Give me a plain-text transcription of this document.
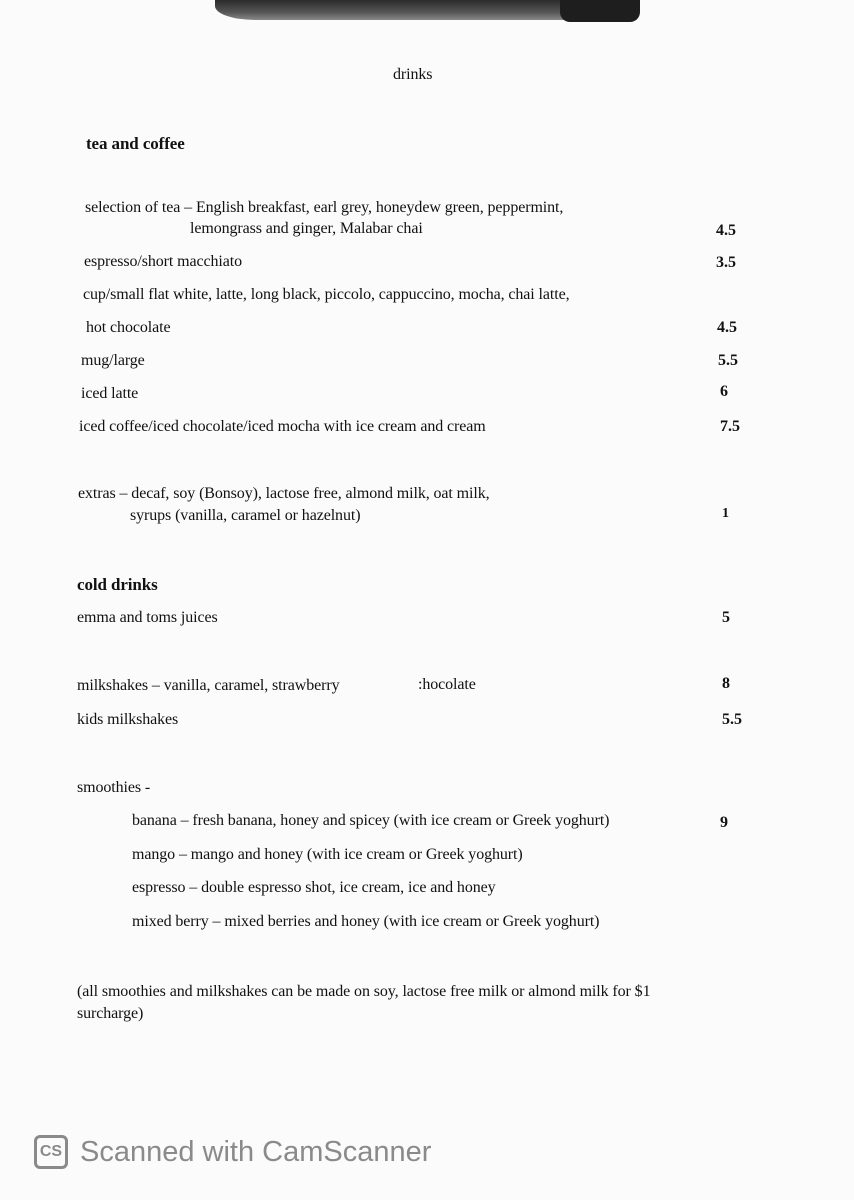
drinks
tea and coffee
selection of tea – English breakfast, earl grey, honeydew green, peppermint,
lemongrass and ginger, Malabar chai	4.5
espresso/short macchiato	3.5
cup/small flat white, latte, long black, piccolo, cappuccino, mocha, chai latte,
hot chocolate	4.5
mug/large	5.5
iced latte	6
iced coffee/iced chocolate/iced mocha with ice cream and cream	7.5
extras – decaf, soy (Bonsoy), lactose free, almond milk, oat milk,
syrups (vanilla, caramel or hazelnut)	1
cold drinks
emma and toms juices	5
milkshakes – vanilla, caramel, strawberry	:hocolate	8
kids milkshakes	5.5
smoothies -
banana – fresh banana, honey and spicey (with ice cream or Greek yoghurt)	9
mango – mango and honey (with ice cream or Greek yoghurt)
espresso – double espresso shot, ice cream, ice and honey
mixed berry – mixed berries and honey (with ice cream or Greek yoghurt)
(all smoothies and milkshakes can be made on soy, lactose free milk or almond milk for $1
surcharge)
CS Scanned with CamScanner
